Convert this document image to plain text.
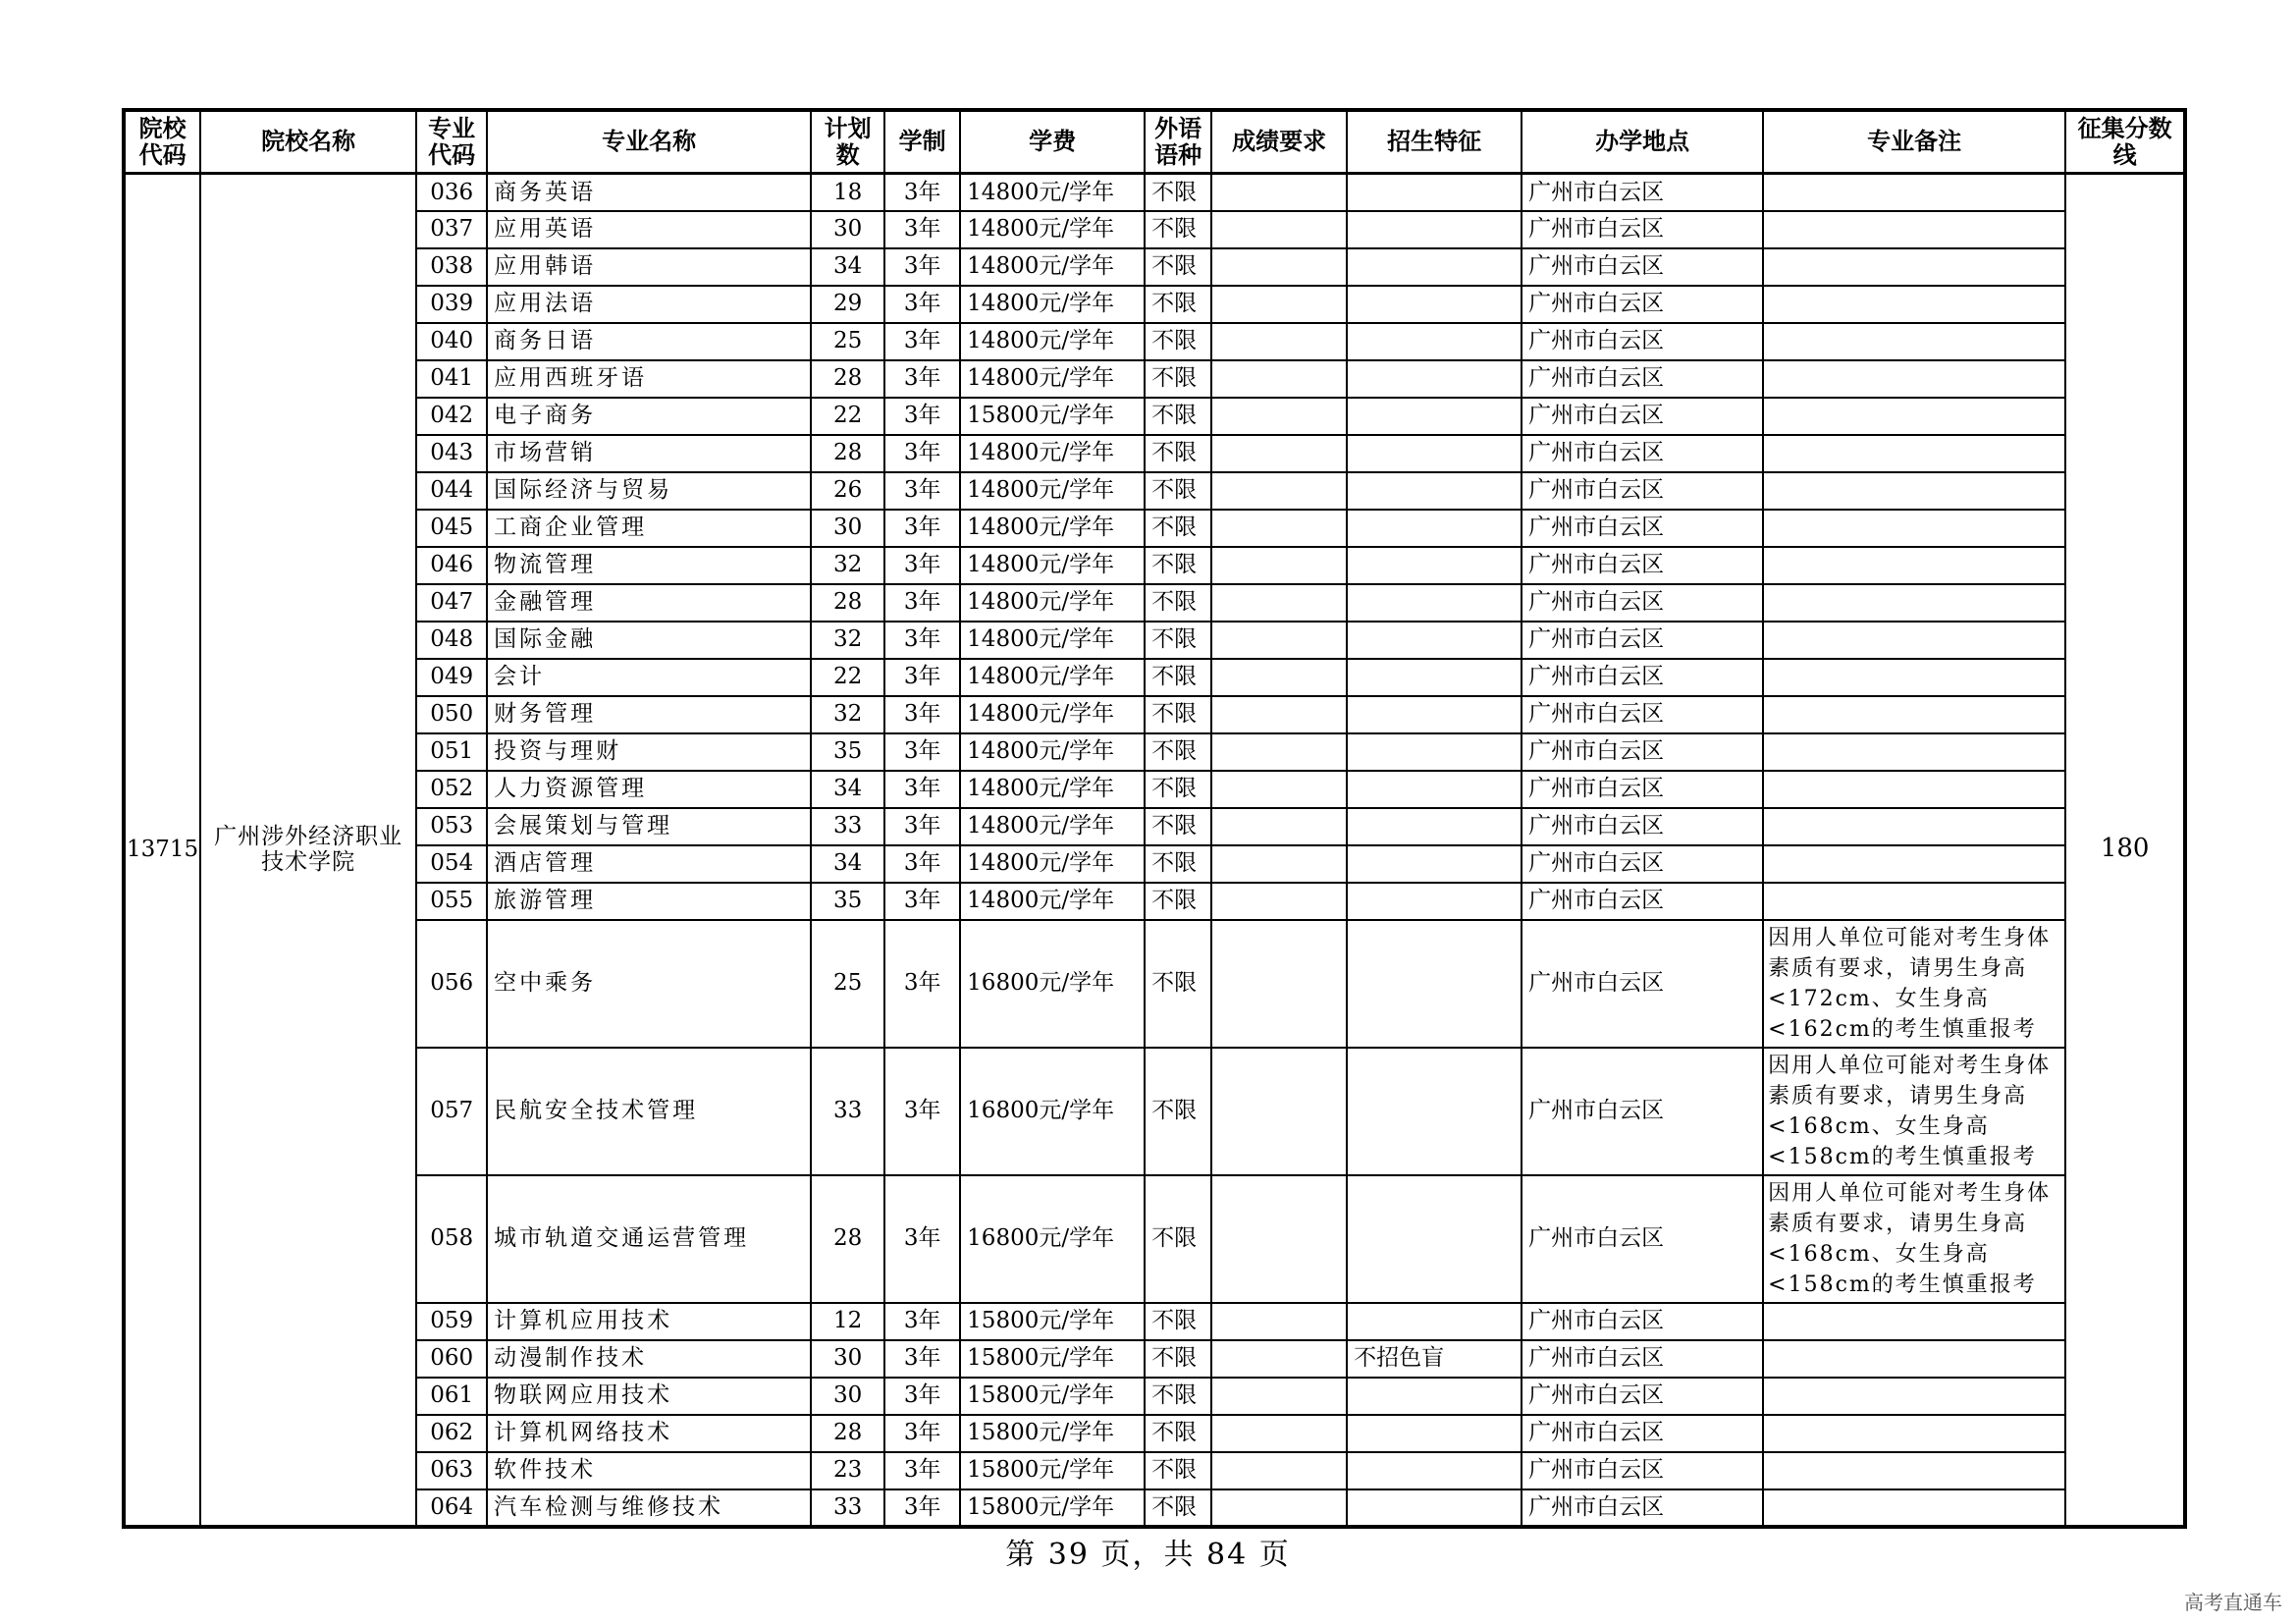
院校代码	院校名称	专业代码	专业名称	计划数	学制	学费	外语语种	成绩要求	招生特征	办学地点	专业备注	征集分数线
13715	广州涉外经济职业技术学院	036	商务英语	18	3年	14800元/学年	不限			广州市白云区		180
		037	应用英语	30	3年	14800元/学年	不限			广州市白云区		
		038	应用韩语	34	3年	14800元/学年	不限			广州市白云区		
		039	应用法语	29	3年	14800元/学年	不限			广州市白云区		
		040	商务日语	25	3年	14800元/学年	不限			广州市白云区		
		041	应用西班牙语	28	3年	14800元/学年	不限			广州市白云区		
		042	电子商务	22	3年	15800元/学年	不限			广州市白云区		
		043	市场营销	28	3年	14800元/学年	不限			广州市白云区		
		044	国际经济与贸易	26	3年	14800元/学年	不限			广州市白云区		
		045	工商企业管理	30	3年	14800元/学年	不限			广州市白云区		
		046	物流管理	32	3年	14800元/学年	不限			广州市白云区		
		047	金融管理	28	3年	14800元/学年	不限			广州市白云区		
		048	国际金融	32	3年	14800元/学年	不限			广州市白云区		
		049	会计	22	3年	14800元/学年	不限			广州市白云区		
		050	财务管理	32	3年	14800元/学年	不限			广州市白云区		
		051	投资与理财	35	3年	14800元/学年	不限			广州市白云区		
		052	人力资源管理	34	3年	14800元/学年	不限			广州市白云区		
		053	会展策划与管理	33	3年	14800元/学年	不限			广州市白云区		
		054	酒店管理	34	3年	14800元/学年	不限			广州市白云区		
		055	旅游管理	35	3年	14800元/学年	不限			广州市白云区		
		056	空中乘务	25	3年	16800元/学年	不限			广州市白云区	因用人单位可能对考生身体素质有要求，请男生身高<172cm、女生身高<162cm的考生慎重报考	
		057	民航安全技术管理	33	3年	16800元/学年	不限			广州市白云区	因用人单位可能对考生身体素质有要求，请男生身高<168cm、女生身高<158cm的考生慎重报考	
		058	城市轨道交通运营管理	28	3年	16800元/学年	不限			广州市白云区	因用人单位可能对考生身体素质有要求，请男生身高<168cm、女生身高<158cm的考生慎重报考	
		059	计算机应用技术	12	3年	15800元/学年	不限			广州市白云区		
		060	动漫制作技术	30	3年	15800元/学年	不限		不招色盲	广州市白云区		
		061	物联网应用技术	30	3年	15800元/学年	不限			广州市白云区		
		062	计算机网络技术	28	3年	15800元/学年	不限			广州市白云区		
		063	软件技术	23	3年	15800元/学年	不限			广州市白云区		
		064	汽车检测与维修技术	33	3年	15800元/学年	不限			广州市白云区		
第 39 页，共 84 页
高考直通车
